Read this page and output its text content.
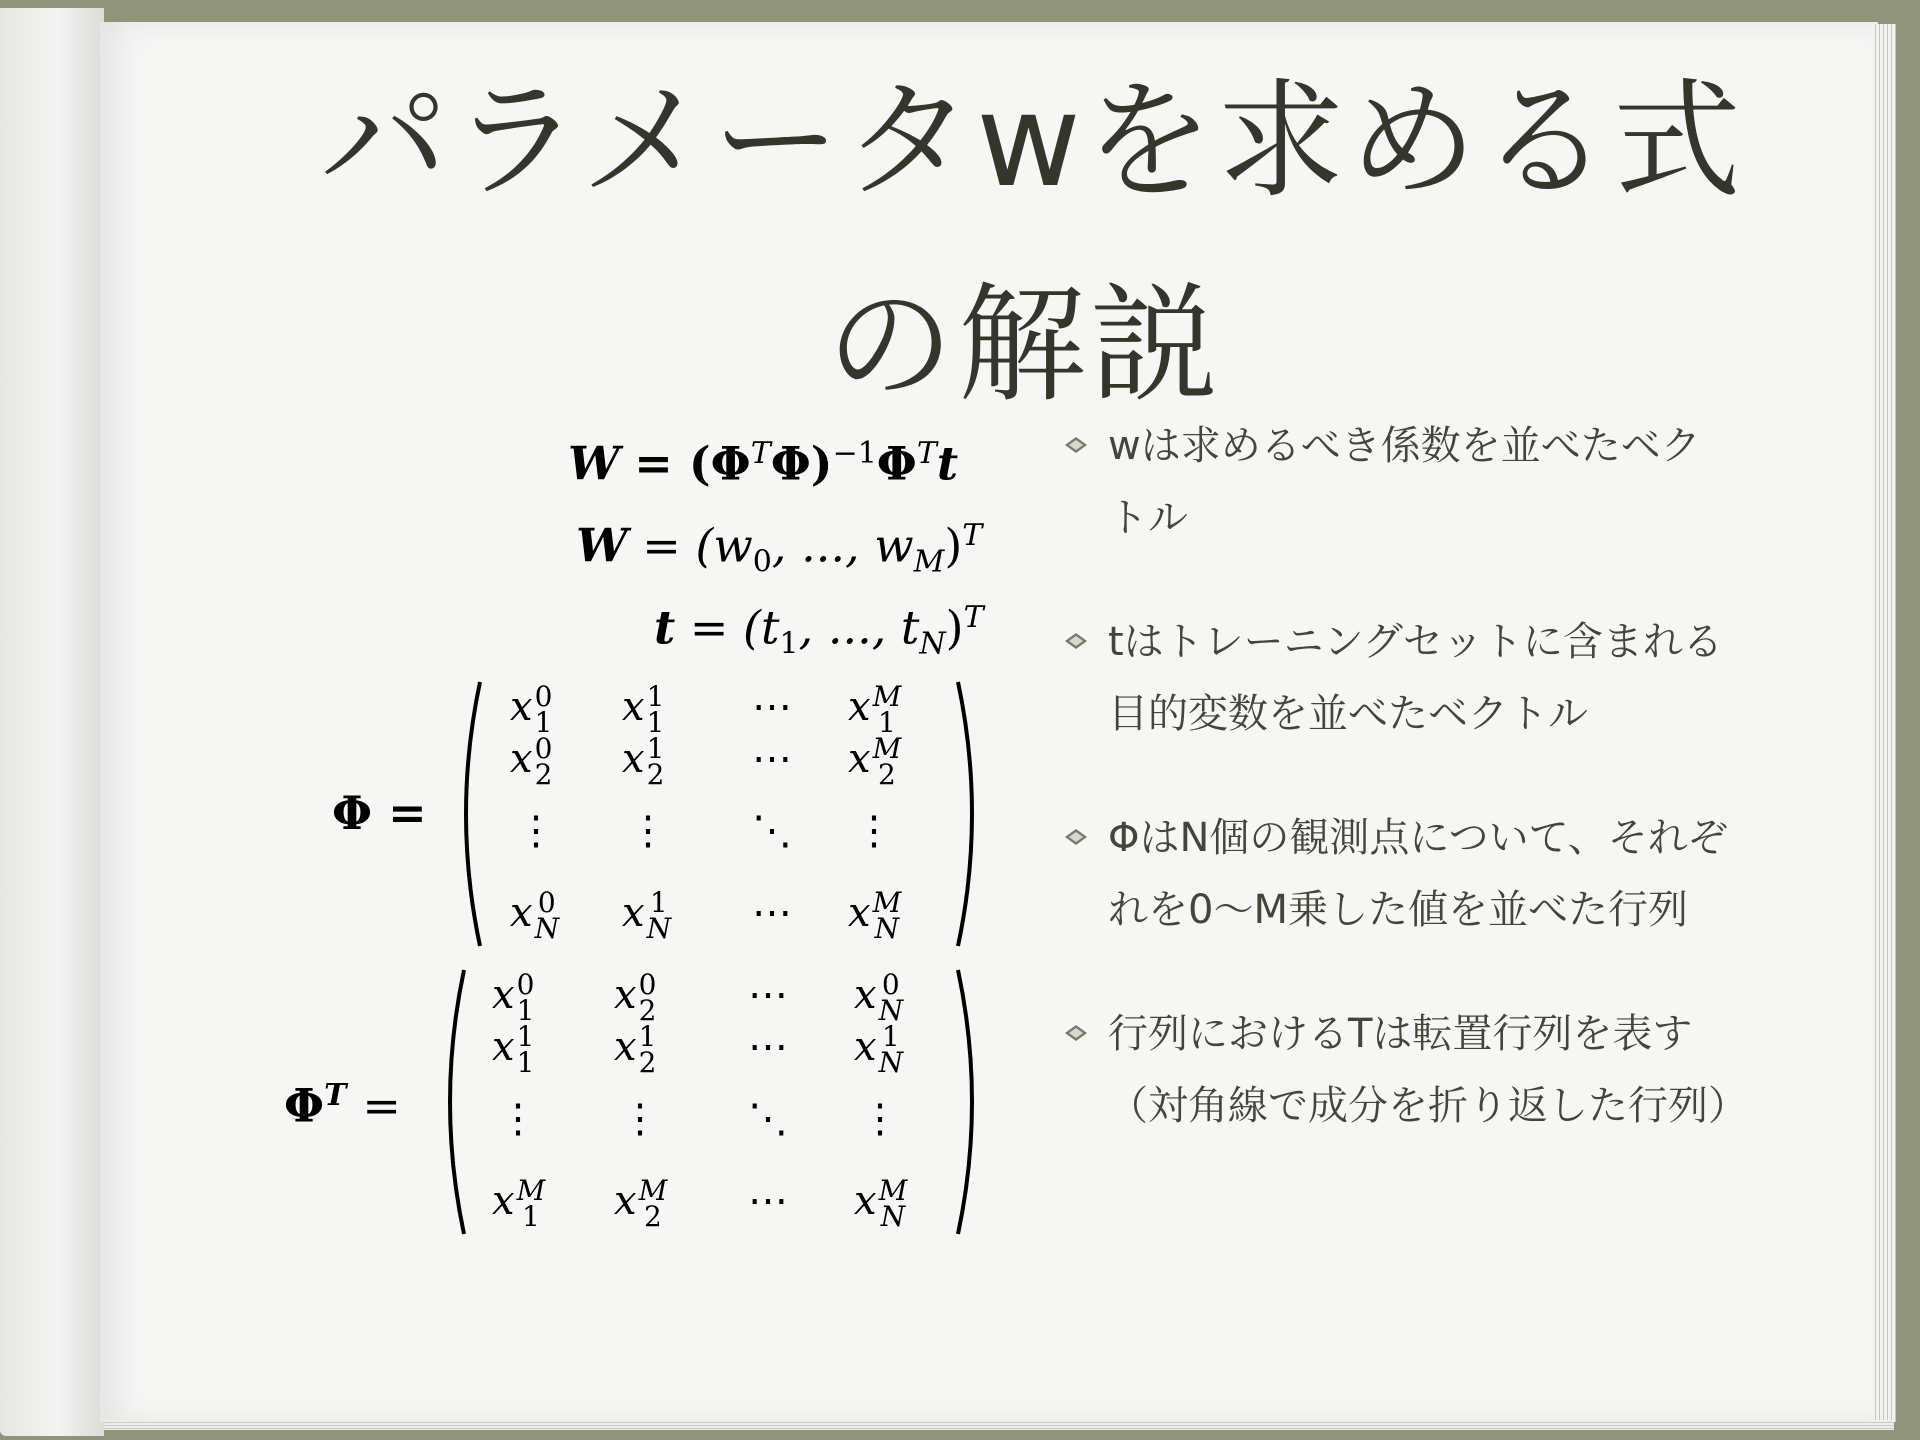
パラメータwを求める式
の解説
$W = (\Phi^T\Phi)^{-1}\Phi^Tt$
$W = (w_0$, ..., $w_M)^T$
$t = (t_1$, ..., $t_N)^T$
Φ =
x 0
1 x 1
1 ⋯ x M
1
x 0
2 x 1
2 ⋯ x M
2
⋮ ⋮ ⋱ ⋮
x 0
N x 1
N ⋯ x M
N
$\Phi^T$ =
x 0
1 x 0
2 ⋯ x 0
N
x 1
1 x 1
2 ⋯ x 1
N
⋮ ⋮ ⋱ ⋮
x M
1 x M
2 ⋯ x M
N
wは求めるべき係数を並べたベクトル
tはトレーニングセットに含まれる目的変数を並べたベクトル
ΦはN個の観測点について、それぞれを0〜M乗した値を並べた行列
行列におけるTは転置行列を表す（対角線で成分を折り返した行列）
